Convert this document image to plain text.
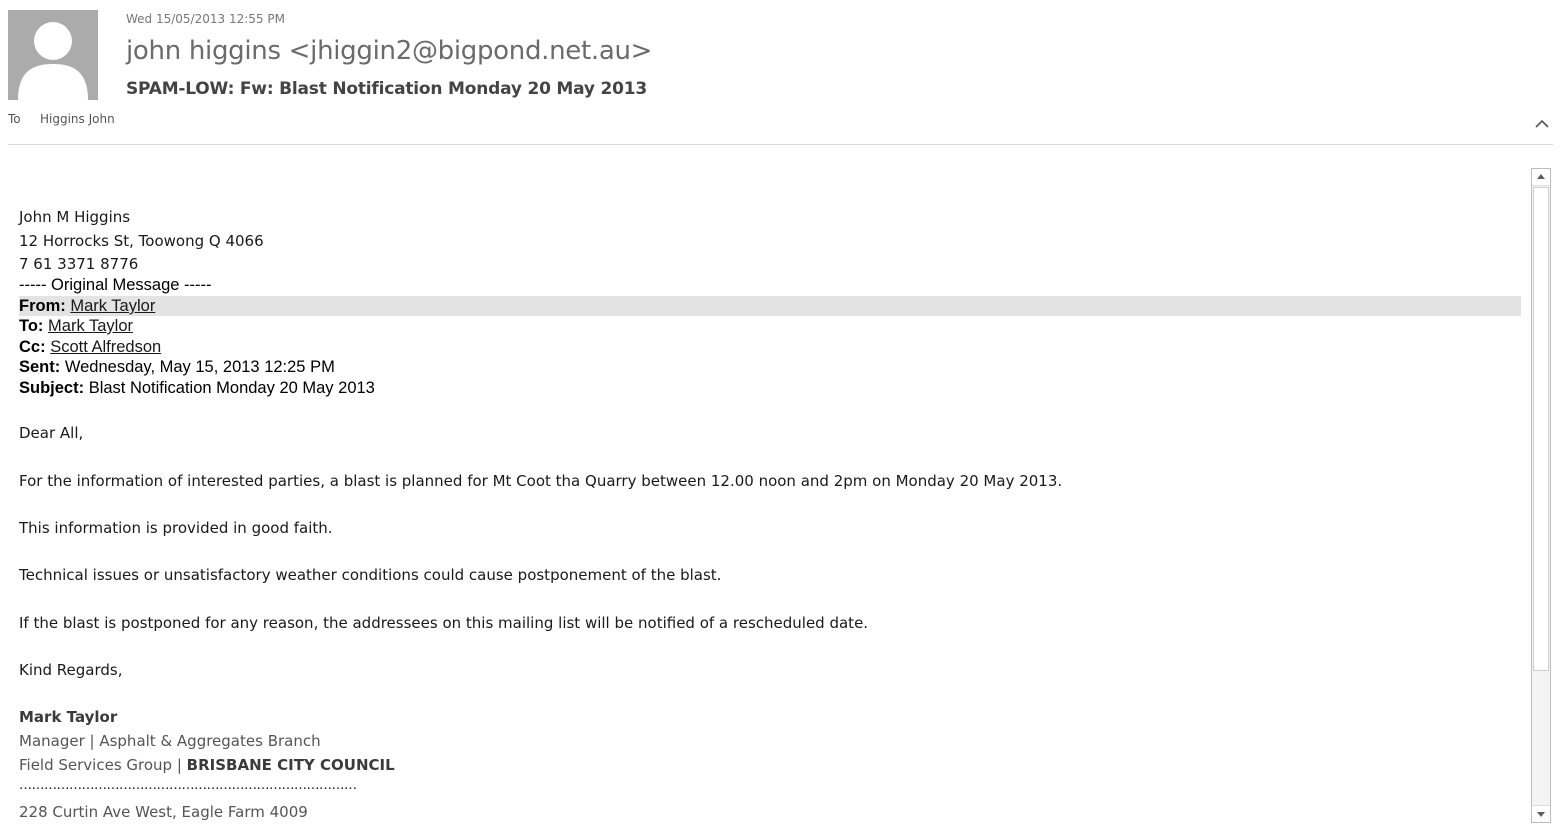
Wed 15/05/2013 12:55 PM
john higgins <jhiggin2@bigpond.net.au>
SPAM-LOW: Fw: Blast Notification Monday 20 May 2013
To Higgins John
John M Higgins
12 Horrocks St, Toowong Q 4066
7 61 3371 8776
----- Original Message -----
From: Mark Taylor
To: Mark Taylor
Cc: Scott Alfredson
Sent: Wednesday, May 15, 2013 12:25 PM
Subject: Blast Notification Monday 20 May 2013
Dear All,
For the information of interested parties, a blast is planned for Mt Coot tha Quarry between 12.00 noon and 2pm on Monday 20 May 2013.
This information is provided in good faith.
Technical issues or unsatisfactory weather conditions could cause postponement of the blast.
If the blast is postponed for any reason, the addressees on this mailing list will be notified of a rescheduled date.
Kind Regards,
Mark Taylor
Manager | Asphalt & Aggregates Branch
Field Services Group | BRISBANE CITY COUNCIL
………………………………………………………………………
228 Curtin Ave West, Eagle Farm 4009
